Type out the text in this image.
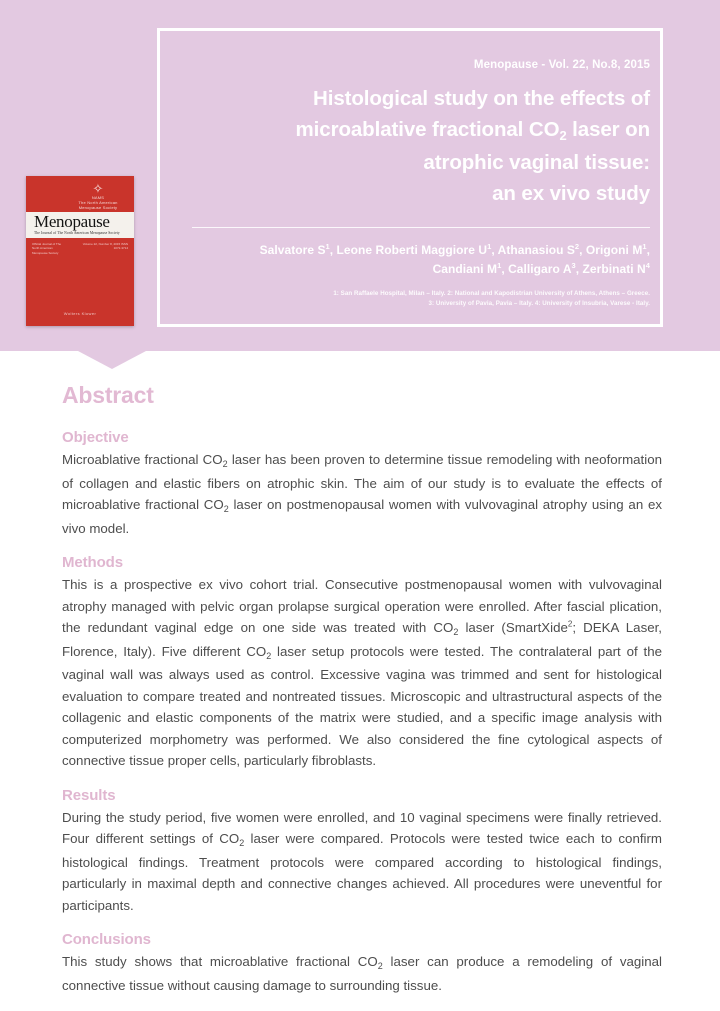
✧
NAMS
The North American Menopause Society
Menopause
The Journal of The North American Menopause Society
Official Journal of The North American Menopause Society
Volume 22, Number 8, 2015 ISSN 1072-3714
Wolters Kluwer
Menopause - Vol. 22, No.8, 2015
Histological study on the effects of
microablative fractional $CO_2$ laser on
atrophic vaginal tissue:
an ex vivo study
Salvatore $S^1$, Leone Roberti Maggiore $U^1$, Athanasiou $S^2$, Origoni $M^1$,
Candiani $M^1$, Calligaro $A^3$, Zerbinati $N^4$
1: San Raffaele Hospital, Milan – Italy. 2: National and Kapodistrian University of Athens, Athens – Greece.
3: University of Pavia, Pavia – Italy. 4: University of Insubria, Varese - Italy.
Abstract
Objective

Microablative fractional $CO_2$ laser has been proven to determine tissue remodeling with neoformation of collagen and elastic fibers on atrophic skin. The aim of our study is to evaluate the effects of microablative fractional $CO_2$ laser on postmenopausal women with vulvovaginal atrophy using an ex vivo model.

Methods

This is a prospective ex vivo cohort trial. Consecutive postmenopausal women with vulvovaginal atrophy managed with pelvic organ prolapse surgical operation were enrolled. After fascial plication, the redundant vaginal edge on one side was treated with $CO_2$ laser (SmartXide$^2$; DEKA Laser, Florence, Italy). Five different $CO_2$ laser setup protocols were tested. The contralateral part of the vaginal wall was always used as control. Excessive vagina was trimmed and sent for histological evaluation to compare treated and nontreated tissues. Microscopic and ultrastructural aspects of the collagenic and elastic components of the matrix were studied, and a specific image analysis with computerized morphometry was performed. We also considered the fine cytological aspects of connective tissue proper cells, particularly fibroblasts.

Results

During the study period, five women were enrolled, and 10 vaginal specimens were finally retrieved. Four different settings of $CO_2$ laser were compared. Protocols were tested twice each to confirm histological findings. Treatment protocols were compared according to histological findings, particularly in maximal depth and connective changes achieved. All procedures were uneventful for participants.

Conclusions

This study shows that microablative fractional $CO_2$ laser can produce a remodeling of vaginal connective tissue without causing damage to surrounding tissue.
